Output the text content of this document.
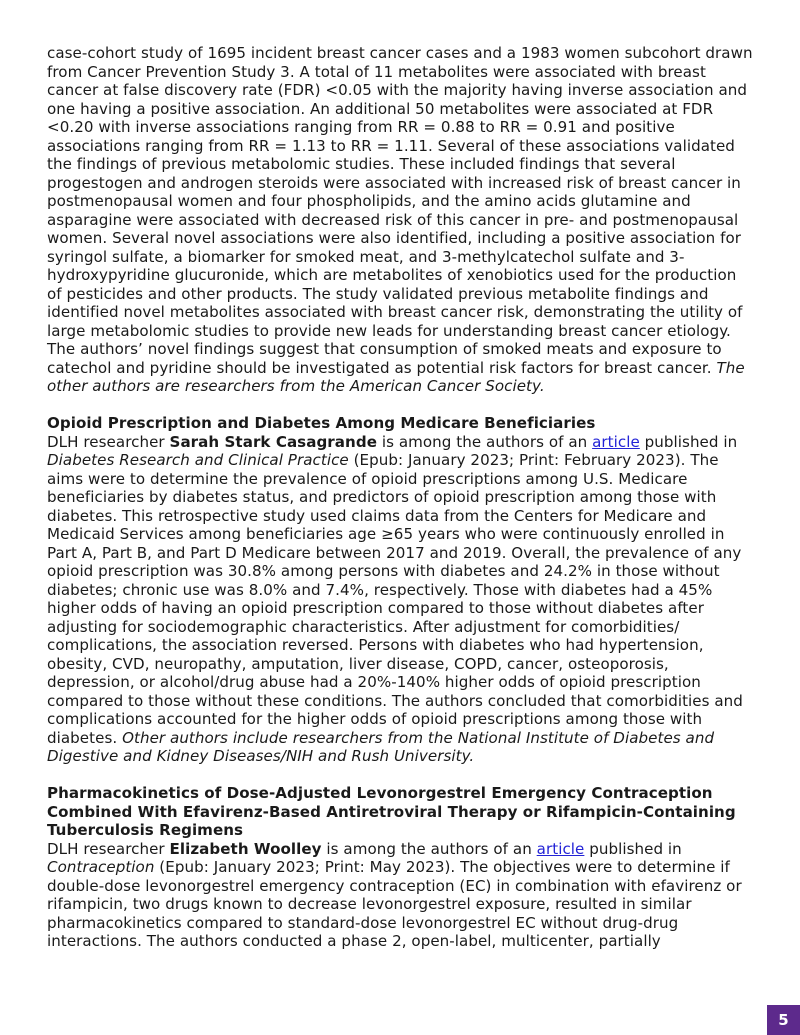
case-cohort study of 1695 incident breast cancer cases and a 1983 women subcohort drawn from Cancer Prevention Study 3. A total of 11 metabolites were associated with breast cancer at false discovery rate (FDR) <0.05 with the majority having inverse association and one having a positive association. An additional 50 metabolites were associated at FDR <0.20 with inverse associations ranging from RR = 0.88 to RR = 0.91 and positive associations ranging from RR = 1.13 to RR = 1.11. Several of these associations validated the findings of previous metabolomic studies. These included findings that several progestogen and androgen steroids were associated with increased risk of breast cancer in postmenopausal women and four phospholipids, and the amino acids glutamine and asparagine were associated with decreased risk of this cancer in pre- and postmenopausal women. Several novel associations were also identified, including a positive association for syringol sulfate, a biomarker for smoked meat, and 3-methylcatechol sulfate and 3-hydroxypyridine glucuronide, which are metabolites of xenobiotics used for the production of pesticides and other products. The study validated previous metabolite findings and identified novel metabolites associated with breast cancer risk, demonstrating the utility of large metabolomic studies to provide new leads for understanding breast cancer etiology. The authors’ novel findings suggest that consumption of smoked meats and exposure to catechol and pyridine should be investigated as potential risk factors for breast cancer. The other authors are researchers from the American Cancer Society.

Opioid Prescription and Diabetes Among Medicare Beneficiaries

DLH researcher Sarah Stark Casagrande is among the authors of an article published in Diabetes Research and Clinical Practice (Epub: January 2023; Print: February 2023). The aims were to determine the prevalence of opioid prescriptions among U.S. Medicare beneficiaries by diabetes status, and predictors of opioid prescription among those with diabetes. This retrospective study used claims data from the Centers for Medicare and Medicaid Services among beneficiaries age ≥65 years who were continuously enrolled in Part A, Part B, and Part D Medicare between 2017 and 2019. Overall, the prevalence of any opioid prescription was 30.8% among persons with diabetes and 24.2% in those without diabetes; chronic use was 8.0% and 7.4%, respectively. Those with diabetes had a 45% higher odds of having an opioid prescription compared to those without diabetes after adjusting for sociodemographic characteristics. After adjustment for comorbidities/ complications, the association reversed. Persons with diabetes who had hypertension, obesity, CVD, neuropathy, amputation, liver disease, COPD, cancer, osteoporosis, depression, or alcohol/drug abuse had a 20%-140% higher odds of opioid prescription compared to those without these conditions. The authors concluded that comorbidities and complications accounted for the higher odds of opioid prescriptions among those with diabetes. Other authors include researchers from the National Institute of Diabetes and Digestive and Kidney Diseases/NIH and Rush University.

Pharmacokinetics of Dose-Adjusted Levonorgestrel Emergency Contraception Combined With Efavirenz-Based Antiretroviral Therapy or Rifampicin-Containing Tuberculosis Regimens

DLH researcher Elizabeth Woolley is among the authors of an article published in Contraception (Epub: January 2023; Print: May 2023). The objectives were to determine if double-dose levonorgestrel emergency contraception (EC) in combination with efavirenz or rifampicin, two drugs known to decrease levonorgestrel exposure, resulted in similar pharmacokinetics compared to standard-dose levonorgestrel EC without drug-drug interactions. The authors conducted a phase 2, open-label, multicenter, partially

5
